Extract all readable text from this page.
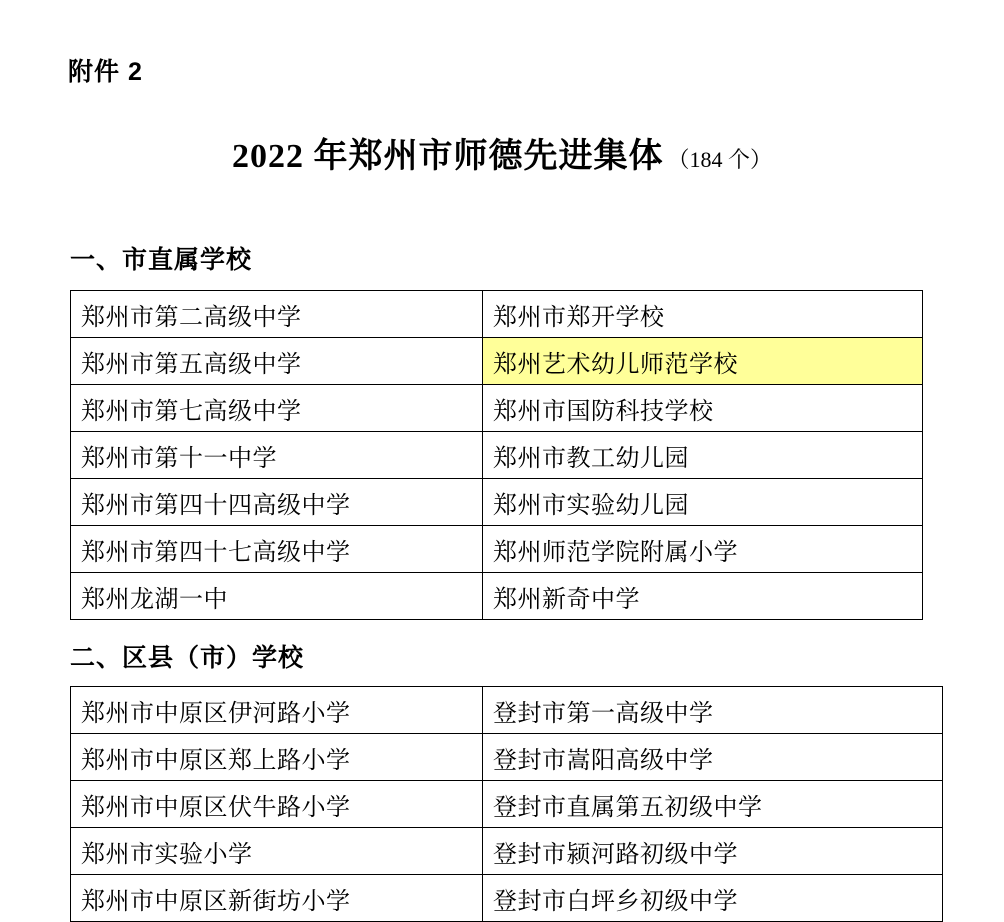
附件 2
2022 年郑州市师德先进集体 （184 个）
一、市直属学校
郑州市第二高级中学	郑州市郑开学校
郑州市第五高级中学	郑州艺术幼儿师范学校
郑州市第七高级中学	郑州市国防科技学校
郑州市第十一中学	郑州市教工幼儿园
郑州市第四十四高级中学	郑州市实验幼儿园
郑州市第四十七高级中学	郑州师范学院附属小学
郑州龙湖一中	郑州新奇中学
二、区县（市）学校
郑州市中原区伊河路小学	登封市第一高级中学
郑州市中原区郑上路小学	登封市嵩阳高级中学
郑州市中原区伏牛路小学	登封市直属第五初级中学
郑州市实验小学	登封市颍河路初级中学
郑州市中原区新街坊小学	登封市白坪乡初级中学
